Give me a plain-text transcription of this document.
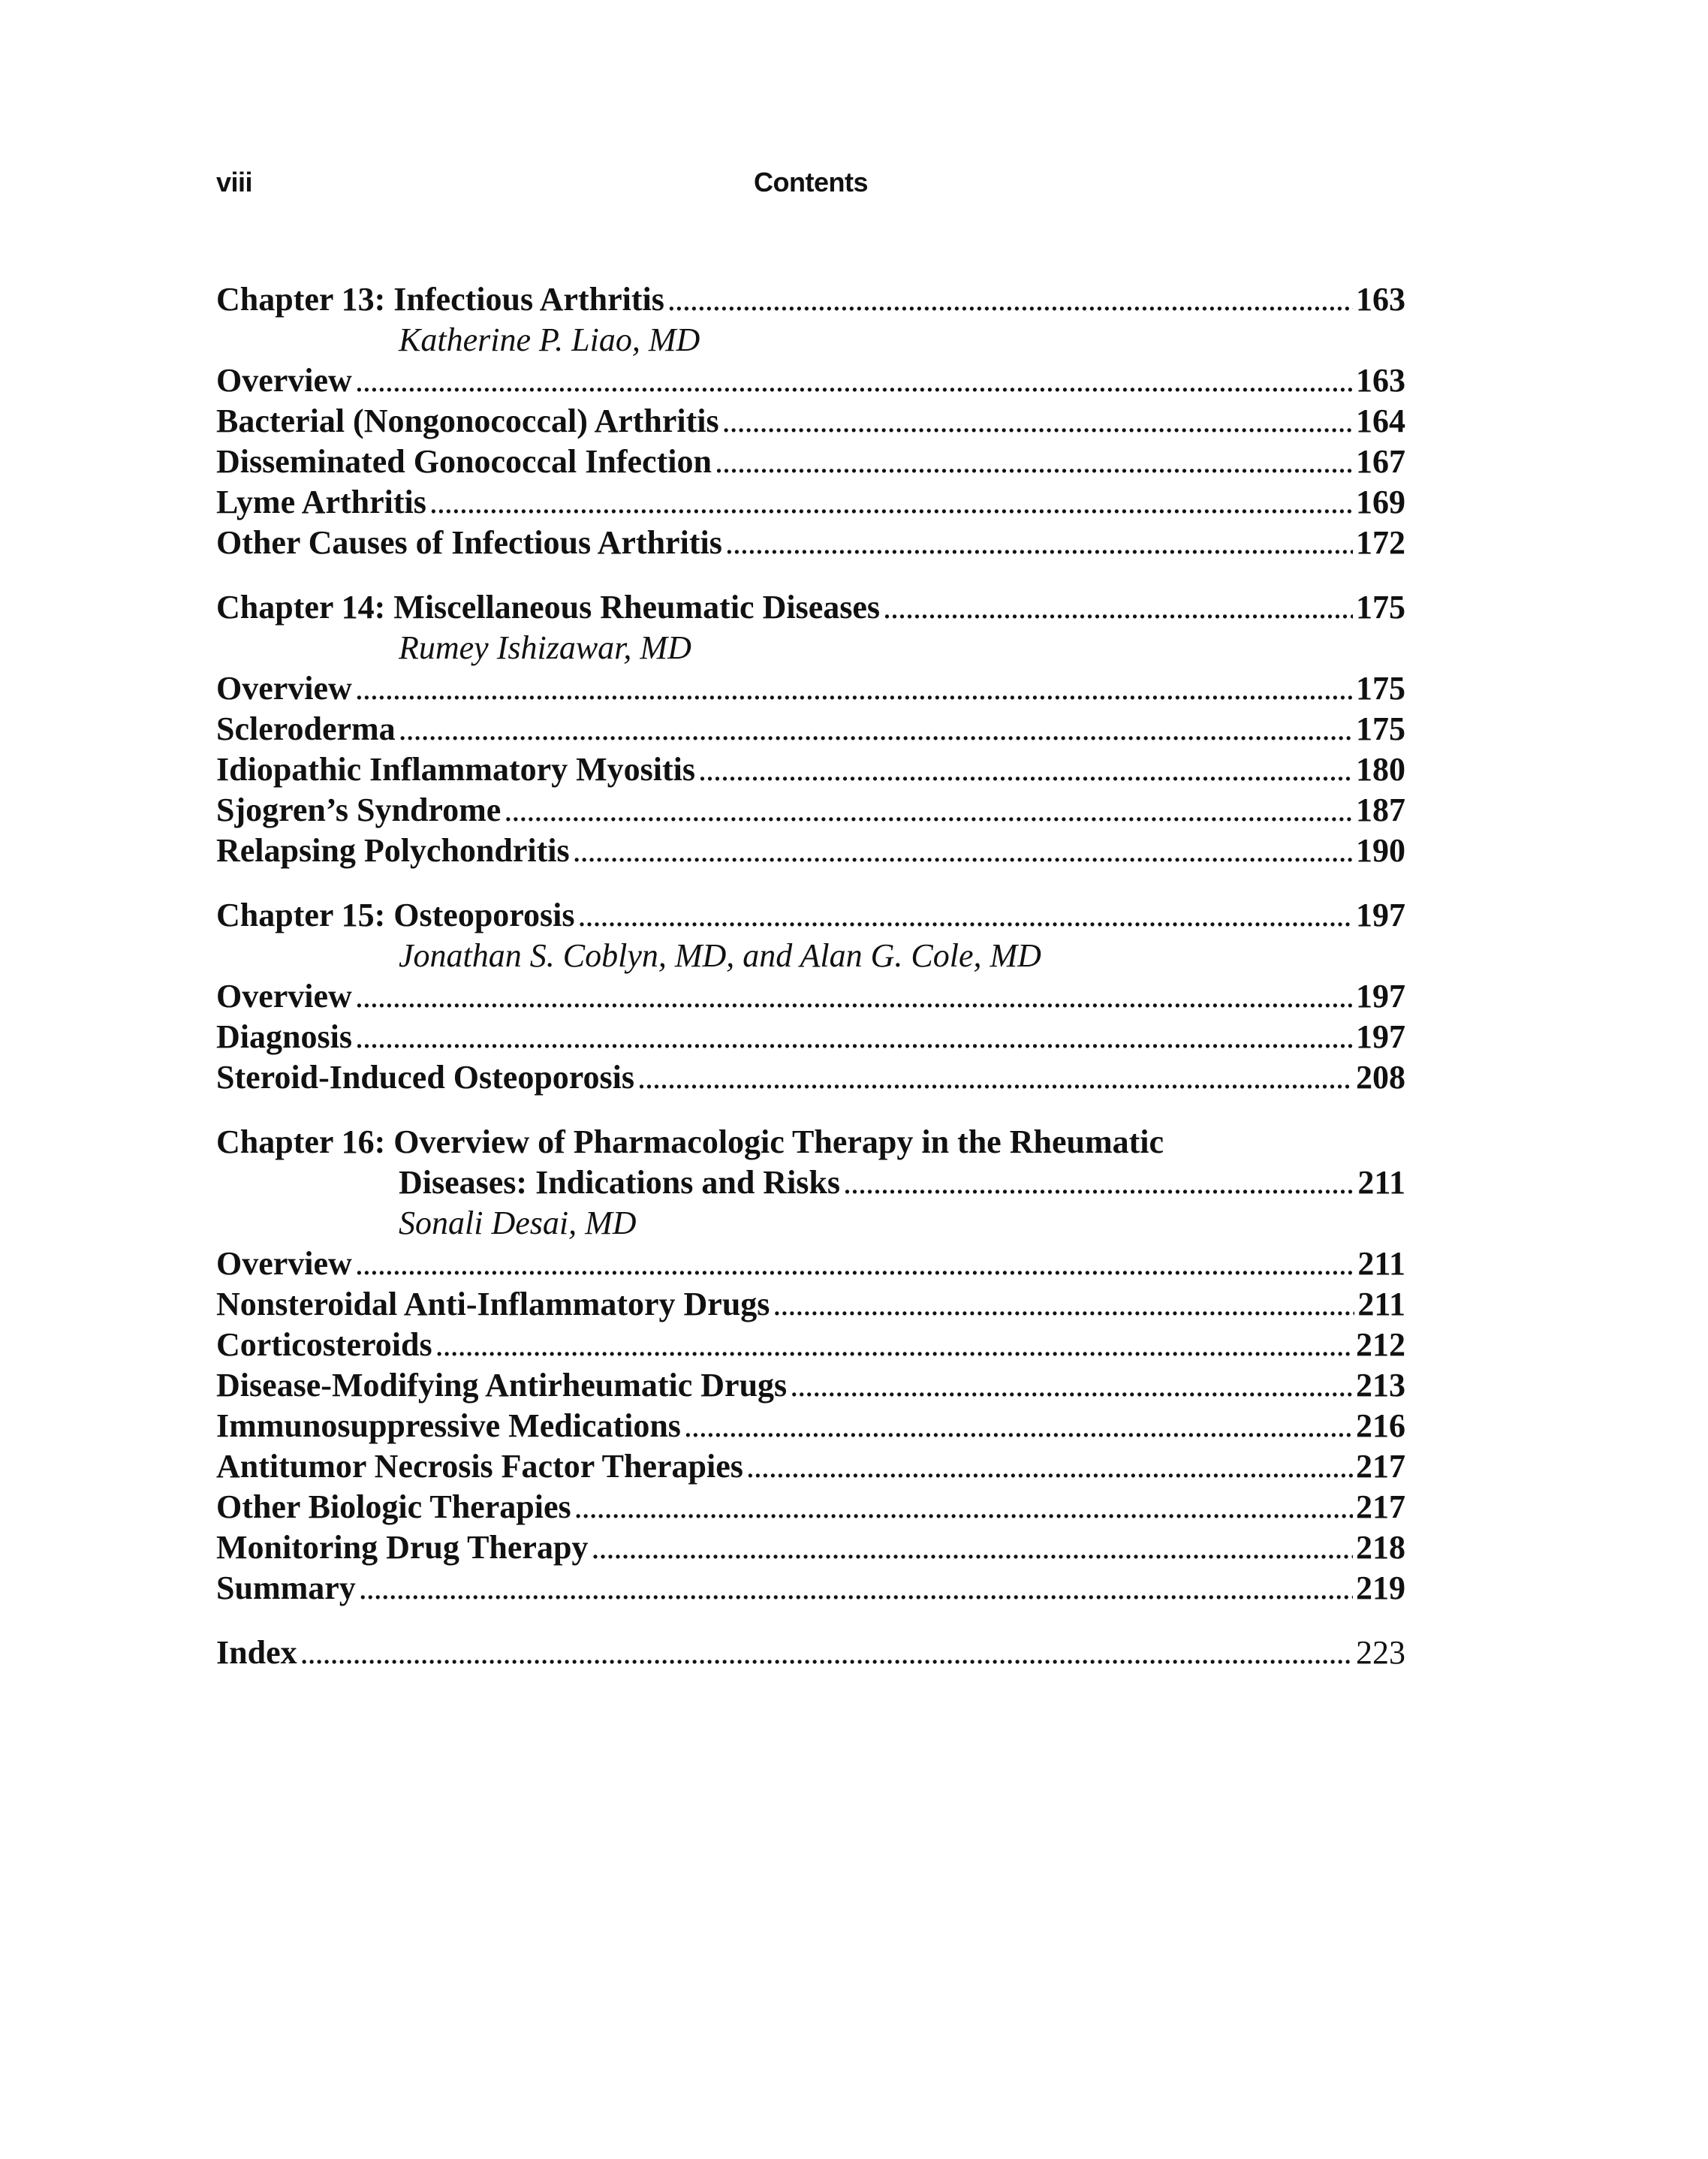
viii	Contents
Chapter 13: Infectious Arthritis . . .	163
Katherine P. Liao, MD
Overview . . .	163
Bacterial (Nongonococcal) Arthritis . . .	164
Disseminated Gonococcal Infection . . .	167
Lyme Arthritis . . .	169
Other Causes of Infectious Arthritis . . .	172
Chapter 14: Miscellaneous Rheumatic Diseases . . .	175
Rumey Ishizawar, MD
Overview . . .	175
Scleroderma . . .	175
Idiopathic Inflammatory Myositis . . .	180
Sjogren’s Syndrome . . .	187
Relapsing Polychondritis . . .	190
Chapter 15: Osteoporosis . . .	197
Jonathan S. Coblyn, MD, and Alan G. Cole, MD
Overview . . .	197
Diagnosis . . .	197
Steroid-Induced Osteoporosis . . .	208
Chapter 16: Overview of Pharmacologic Therapy in the Rheumatic
Diseases: Indications and Risks . . .	211
Sonali Desai, MD
Overview . . .	211
Nonsteroidal Anti-Inflammatory Drugs . . .	211
Corticosteroids . . .	212
Disease-Modifying Antirheumatic Drugs . . .	213
Immunosuppressive Medications . . .	216
Antitumor Necrosis Factor Therapies . . .	217
Other Biologic Therapies . . .	217
Monitoring Drug Therapy . . .	218
Summary . . .	219
Index . . .	223
